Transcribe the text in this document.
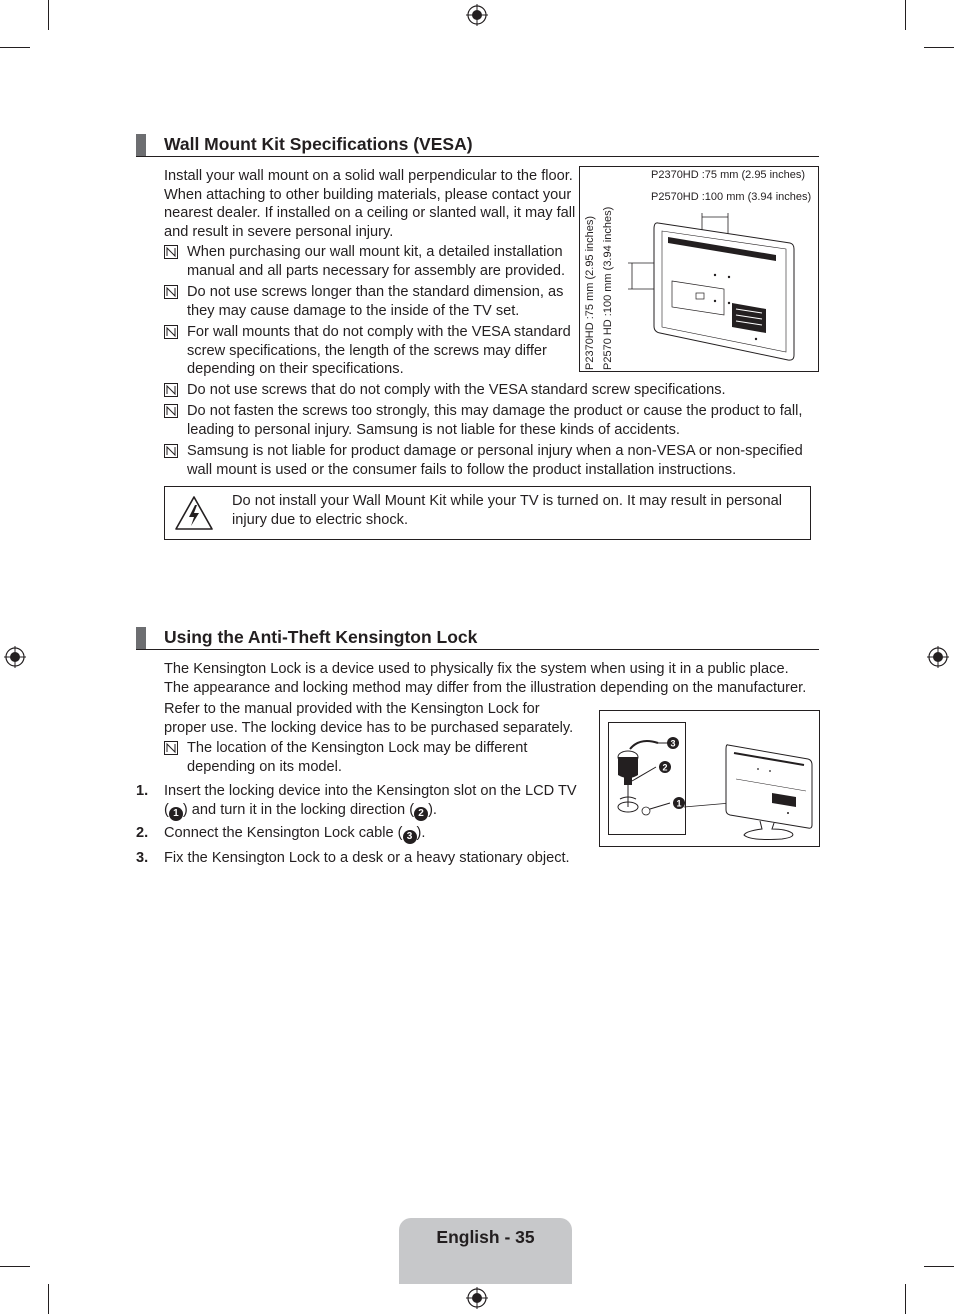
Wall Mount Kit Specifications (VESA)
Install your wall mount on a solid wall perpendicular to the floor.
When attaching to other building materials, please contact your
nearest dealer. If installed on a ceiling or slanted wall, it may fall
and result in severe personal injury.
When purchasing our wall mount kit, a detailed installation
manual and all parts necessary for assembly are provided.
Do not use screws longer than the standard dimension, as
they may cause damage to the inside of the TV set.
For wall mounts that do not comply with the VESA standard
screw specifications, the length of the screws may differ
depending on their specifications.
Do not use screws that do not comply with the VESA standard screw specifications.
Do not fasten the screws too strongly, this may damage the product or cause the product to fall,
leading to personal injury. Samsung is not liable for these kinds of accidents.
Samsung is not liable for product damage or personal injury when a non-VESA or non-specified
wall mount is used or the consumer fails to follow the product installation instructions.
P2370HD :75 mm (2.95 inches)
P2570HD :100 mm (3.94 inches)
P2370HD :75 mm (2.95 inches) P2570 HD :100 mm (3.94 inches)
Do not install your Wall Mount Kit while your TV is turned on. It may result in personal
injury due to electric shock.
Using the Anti-Theft Kensington Lock
The Kensington Lock is a device used to physically fix the system when using it in a public place.
The appearance and locking method may differ from the illustration depending on the manufacturer.
Refer to the manual provided with the Kensington Lock for
proper use. The locking device has to be purchased separately.
The location of the Kensington Lock may be different
depending on its model.
1. Insert the locking device into the Kensington slot on the LCD TV
( 1 ) and turn it in the locking direction ( 2 ).
2. Connect the Kensington Lock cable ( 3 ).
3. Fix the Kensington Lock to a desk or a heavy stationary object.
3
2
1
English - 35
